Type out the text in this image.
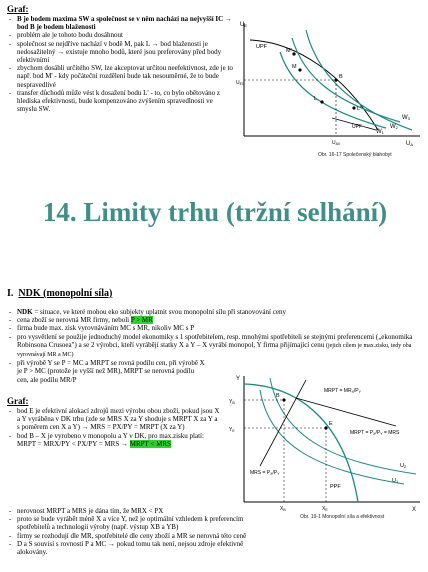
Graf:
- B je bodem maxima SW a společnost se v něm nachází na nejvyšší IC → bod B je bodem blaženosti
- problém ale je tohoto bodu dosáhnout
- společnost se nejdříve nachází v bodě M, pak L → bod blaženosti je nedosažitelný → existuje mnoho bodů, které jsou preferovány před body efektivními
- zbychom dosáhli určitého SW, lze akceptovat určitou neefektivnost, zde je to např. bod M' - kdy počáteční rozdělení bude tak nesouměrné, že to bude nespravedlivé
- transfer důchodů může vést k dosažení bodu L' - to, co bylo obětováno z hlediska efektivnosti, bude kompenzováno zvýšením spravedlnosti ve smyslu SW.
UE
UA
UPF
W3
W2
W1
M'
M
B
L
L'
UPF
$U_{A0}$
$U_{E0}$
Obr. 16-17 Společenský blahobyt
14. Limity trhu (tržní selhání)
I. NDK (monopolní síla)
- NDK = situace, ve které mohou eko subjekty uplatnit svou monopolní sílu při stanovování ceny
- cena zboží se nerovná MR firmy, neboli P > MR
- firma bude max. zisk vyrovnáváním MC s MR, nikoliv MC s P
- pro vysvětlení se použije jednoduchý model ekonomiky s 1 spotřebitelem, resp. mnohými spotřebiteli se stejnými preferencemi („ekonomika Robinsona Crusoea") a se 2 výrobci, kteří vyrábějí statky X a Y – X vyrábí monopol, Y firma přijímající cenu (jejich cílem je max.zisku, tedy oba vyrovnávají MR a MC)
- při výrobě Y se P = MC a MRPT se rovná podílu cen, při výrobě X je P > MC (protože je vyšší než MR), MRPT se nerovná podílu cen, ale podílu MR/P
Graf:
- bod E je efektivní alokací zdrojů mezi výrobu obou zboží, pokud jsou X a Y vyráběna v DK trhu (zde se MRS X za Y shoduje s MRPT X za Y a s poměrem cen X a Y) → MRS = PX/PY = MRPT (X za Y)
- bod B – X je vyrobeno v monopolu a Y v DK, pro max.zisku platí: MRPT = MRX/PY < PX/PY = MRS → MRPT < MRS
- nerovnost MRPT a MRS je dána tím, že MRX < PX
- proto se bude vyrábět méně X a více Y, než je optimální vzhledem k preferencím spotřebitelů a technologii výroby (např. výstup XB a YB)
- firmy se rozhodují dle MR, spotřebitelé dle ceny zboží a MR se nerovná této ceně
- D a S souvisí s rovností P a MC → pokud tomu tak není, nejsou zdroje efektivně alokovány.
Y
X
PPF
U2
U1
B
E
$Y_B$
$Y_E$
$X_B$	$X_E$
MRPT = $MR_X/P_Y$
MRPT = $P_X/P_Y$ = MRS
MRS = $P_X/P_Y$
Obr. 19-1 Monopolní síla a efektivnost
